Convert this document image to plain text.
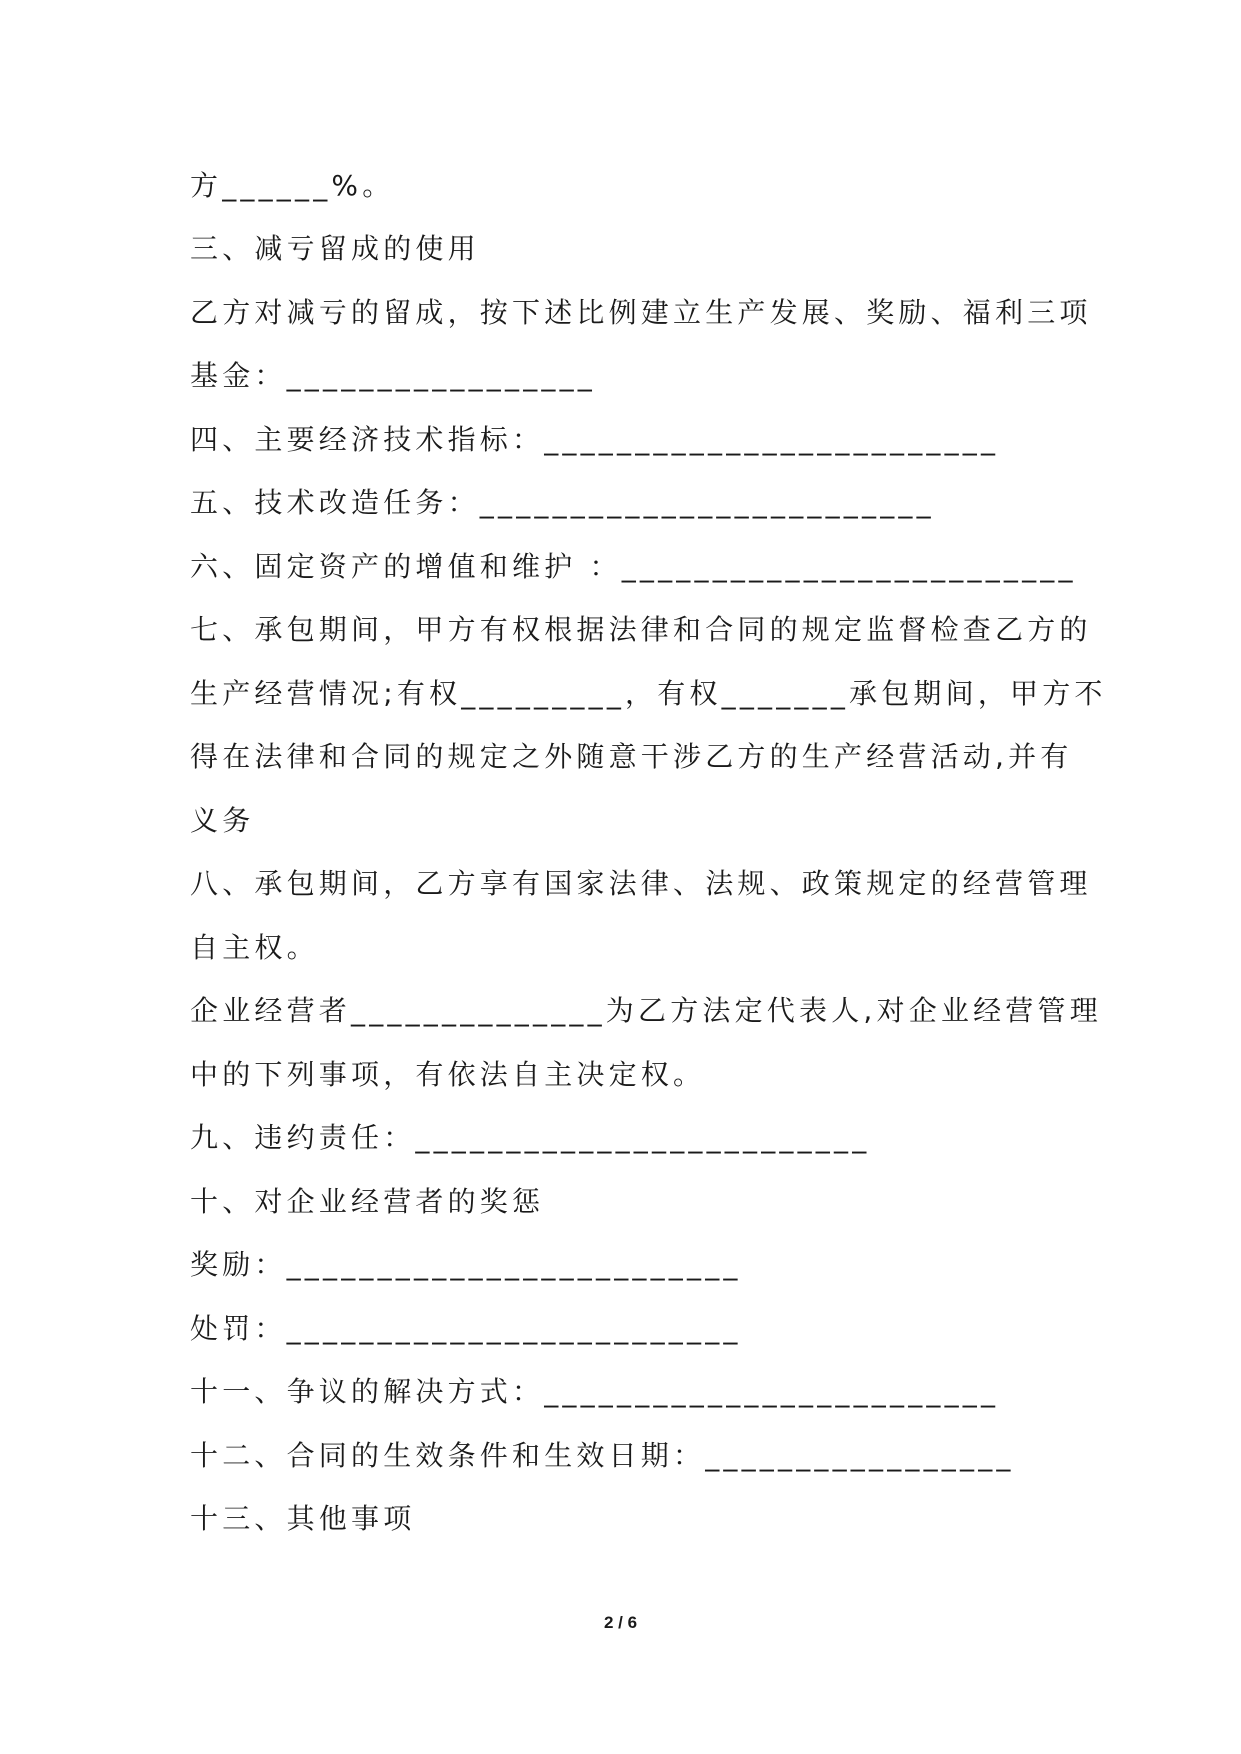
方______%。
三、减亏留成的使用
乙方对减亏的留成，按下述比例建立生产发展、奖励、福利三项
基金：_________________
四、主要经济技术指标：_________________________
五、技术改造任务：_________________________
六、固定资产的增值和维护 ：_________________________
七、承包期间，甲方有权根据法律和合同的规定监督检查乙方的
生产经营情况;有权_________，有权_______承包期间，甲方不
得在法律和合同的规定之外随意干涉乙方的生产经营活动,并有
义务
八、承包期间，乙方享有国家法律、法规、政策规定的经营管理
自主权。
企业经营者______________为乙方法定代表人,对企业经营管理
中的下列事项，有依法自主决定权。
九、违约责任：_________________________
十、对企业经营者的奖惩
奖励：_________________________
处罚：_________________________
十一、争议的解决方式：_________________________
十二、合同的生效条件和生效日期：_________________
十三、其他事项
2 / 6
